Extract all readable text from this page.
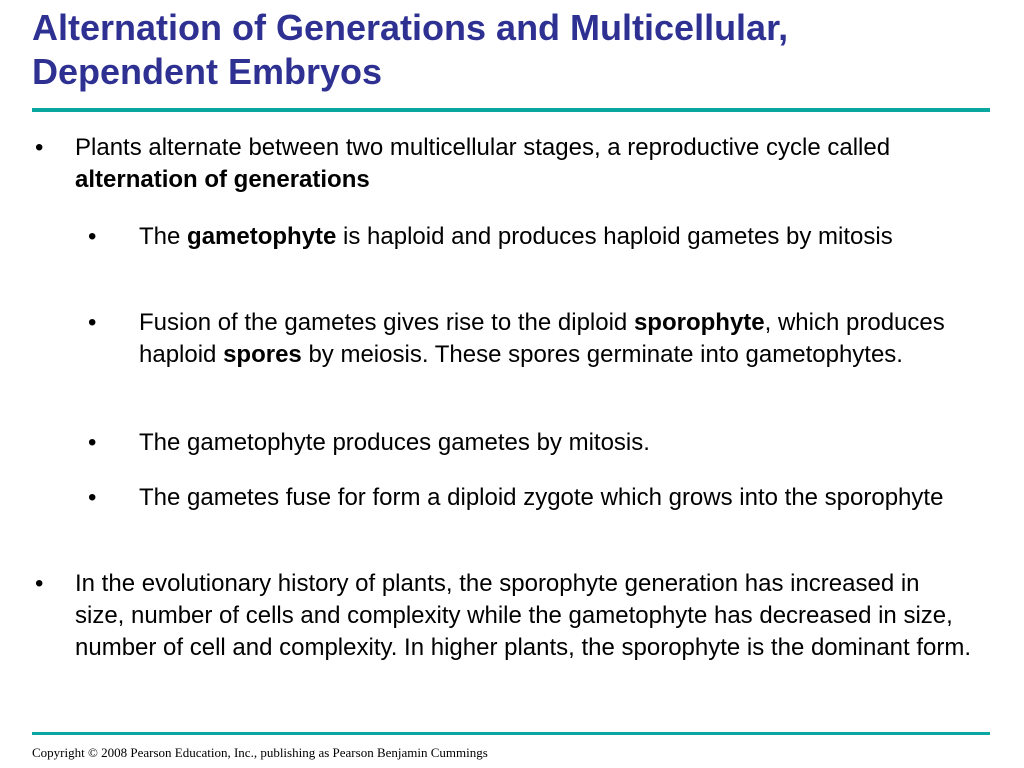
Alternation of Generations and Multicellular,
Dependent Embryos
•	Plants alternate between two multicellular stages, a reproductive cycle called alternation of generations
•	The gametophyte is haploid and produces haploid gametes by mitosis
•	Fusion of the gametes gives rise to the diploid sporophyte, which produces haploid spores by meiosis. These spores germinate into gametophytes.
•	The gametophyte produces gametes by mitosis.
•	The gametes fuse for form a diploid zygote which grows into the sporophyte
•	In the evolutionary history of plants, the sporophyte generation has increased in size, number of cells and complexity while the gametophyte has decreased in size, number of cell and complexity. In higher plants, the sporophyte is the dominant form.
Copyright © 2008 Pearson Education, Inc., publishing as Pearson Benjamin Cummings
